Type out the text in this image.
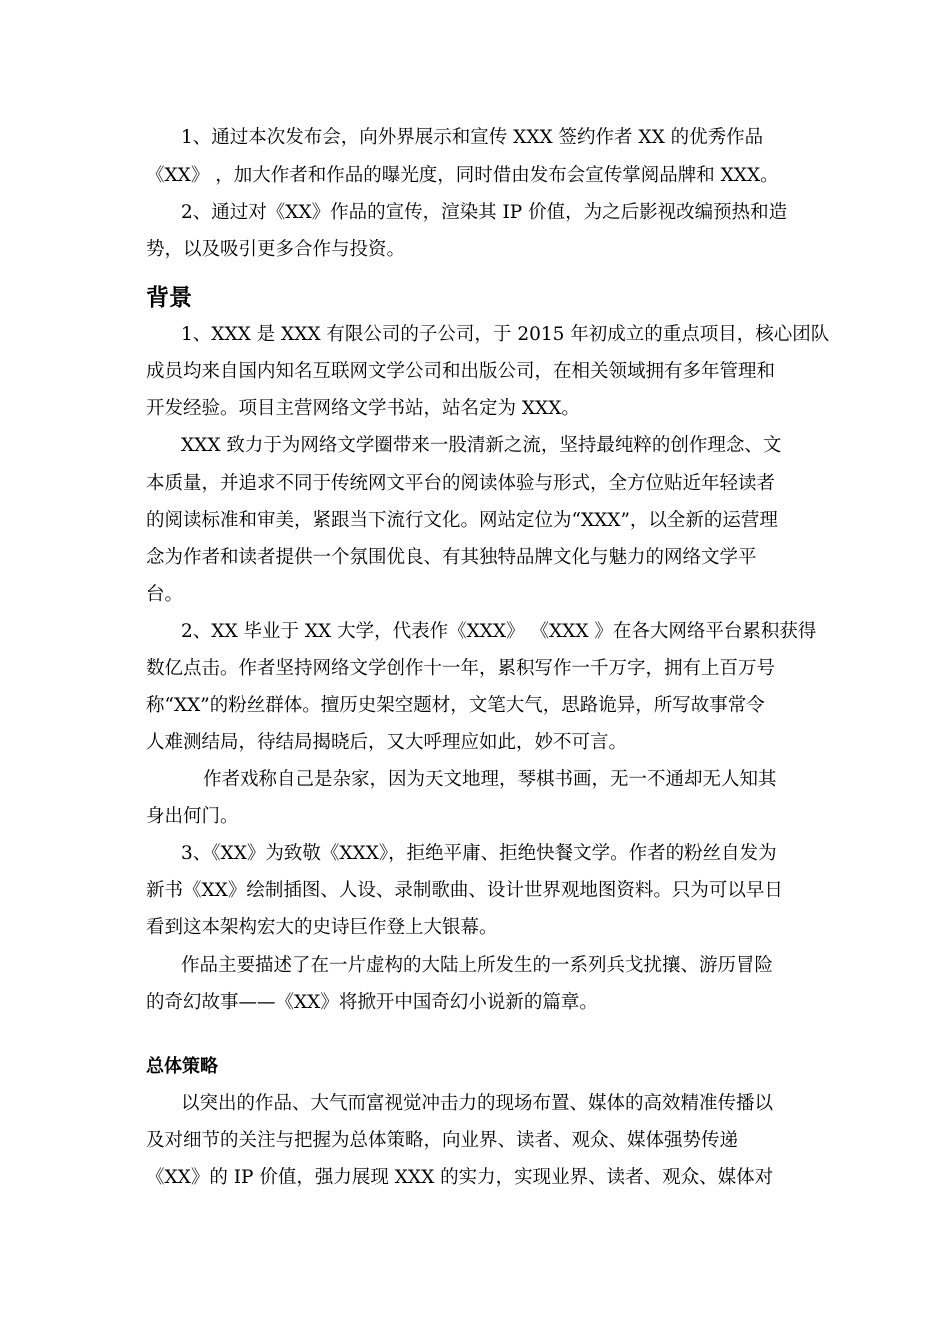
1、通过本次发布会，向外界展示和宣传 XXX 签约作者 XX 的优秀作品
《XX》 ，加大作者和作品的曝光度，同时借由发布会宣传掌阅品牌和 XXX。
2、通过对《XX》作品的宣传，渲染其 IP 价值，为之后影视改编预热和造
势，以及吸引更多合作与投资。
背景
1、XXX 是 XXX 有限公司的子公司，于 2015 年初成立的重点项目，核心团队
成员均来自国内知名互联网文学公司和出版公司，在相关领域拥有多年管理和
开发经验。项目主营网络文学书站，站名定为 XXX。
XXX 致力于为网络文学圈带来一股清新之流，坚持最纯粹的创作理念、文
本质量，并追求不同于传统网文平台的阅读体验与形式，全方位贴近年轻读者
的阅读标准和审美，紧跟当下流行文化。网站定位为“XXX”，以全新的运营理
念为作者和读者提供一个氛围优良、有其独特品牌文化与魅力的网络文学平
台。
2、XX 毕业于 XX 大学，代表作《XXX》 《XXX 》在各大网络平台累积获得
数亿点击。作者坚持网络文学创作十一年，累积写作一千万字，拥有上百万号
称“XX”的粉丝群体。擅历史架空题材，文笔大气，思路诡异，所写故事常令
人难测结局，待结局揭晓后，又大呼理应如此，妙不可言。
作者戏称自己是杂家，因为天文地理，琴棋书画，无一不通却无人知其
身出何门。
3、《XX》为致敬《XXX》，拒绝平庸、拒绝快餐文学。作者的粉丝自发为
新书《XX》绘制插图、人设、录制歌曲、设计世界观地图资料。只为可以早日
看到这本架构宏大的史诗巨作登上大银幕。
作品主要描述了在一片虚构的大陆上所发生的一系列兵戈扰攘、游历冒险
的奇幻故事——《XX》将掀开中国奇幻小说新的篇章。
总体策略
以突出的作品、大气而富视觉冲击力的现场布置、媒体的高效精准传播以
及对细节的关注与把握为总体策略，向业界、读者、观众、媒体强势传递
《XX》的 IP 价值，强力展现 XXX 的实力，实现业界、读者、观众、媒体对
